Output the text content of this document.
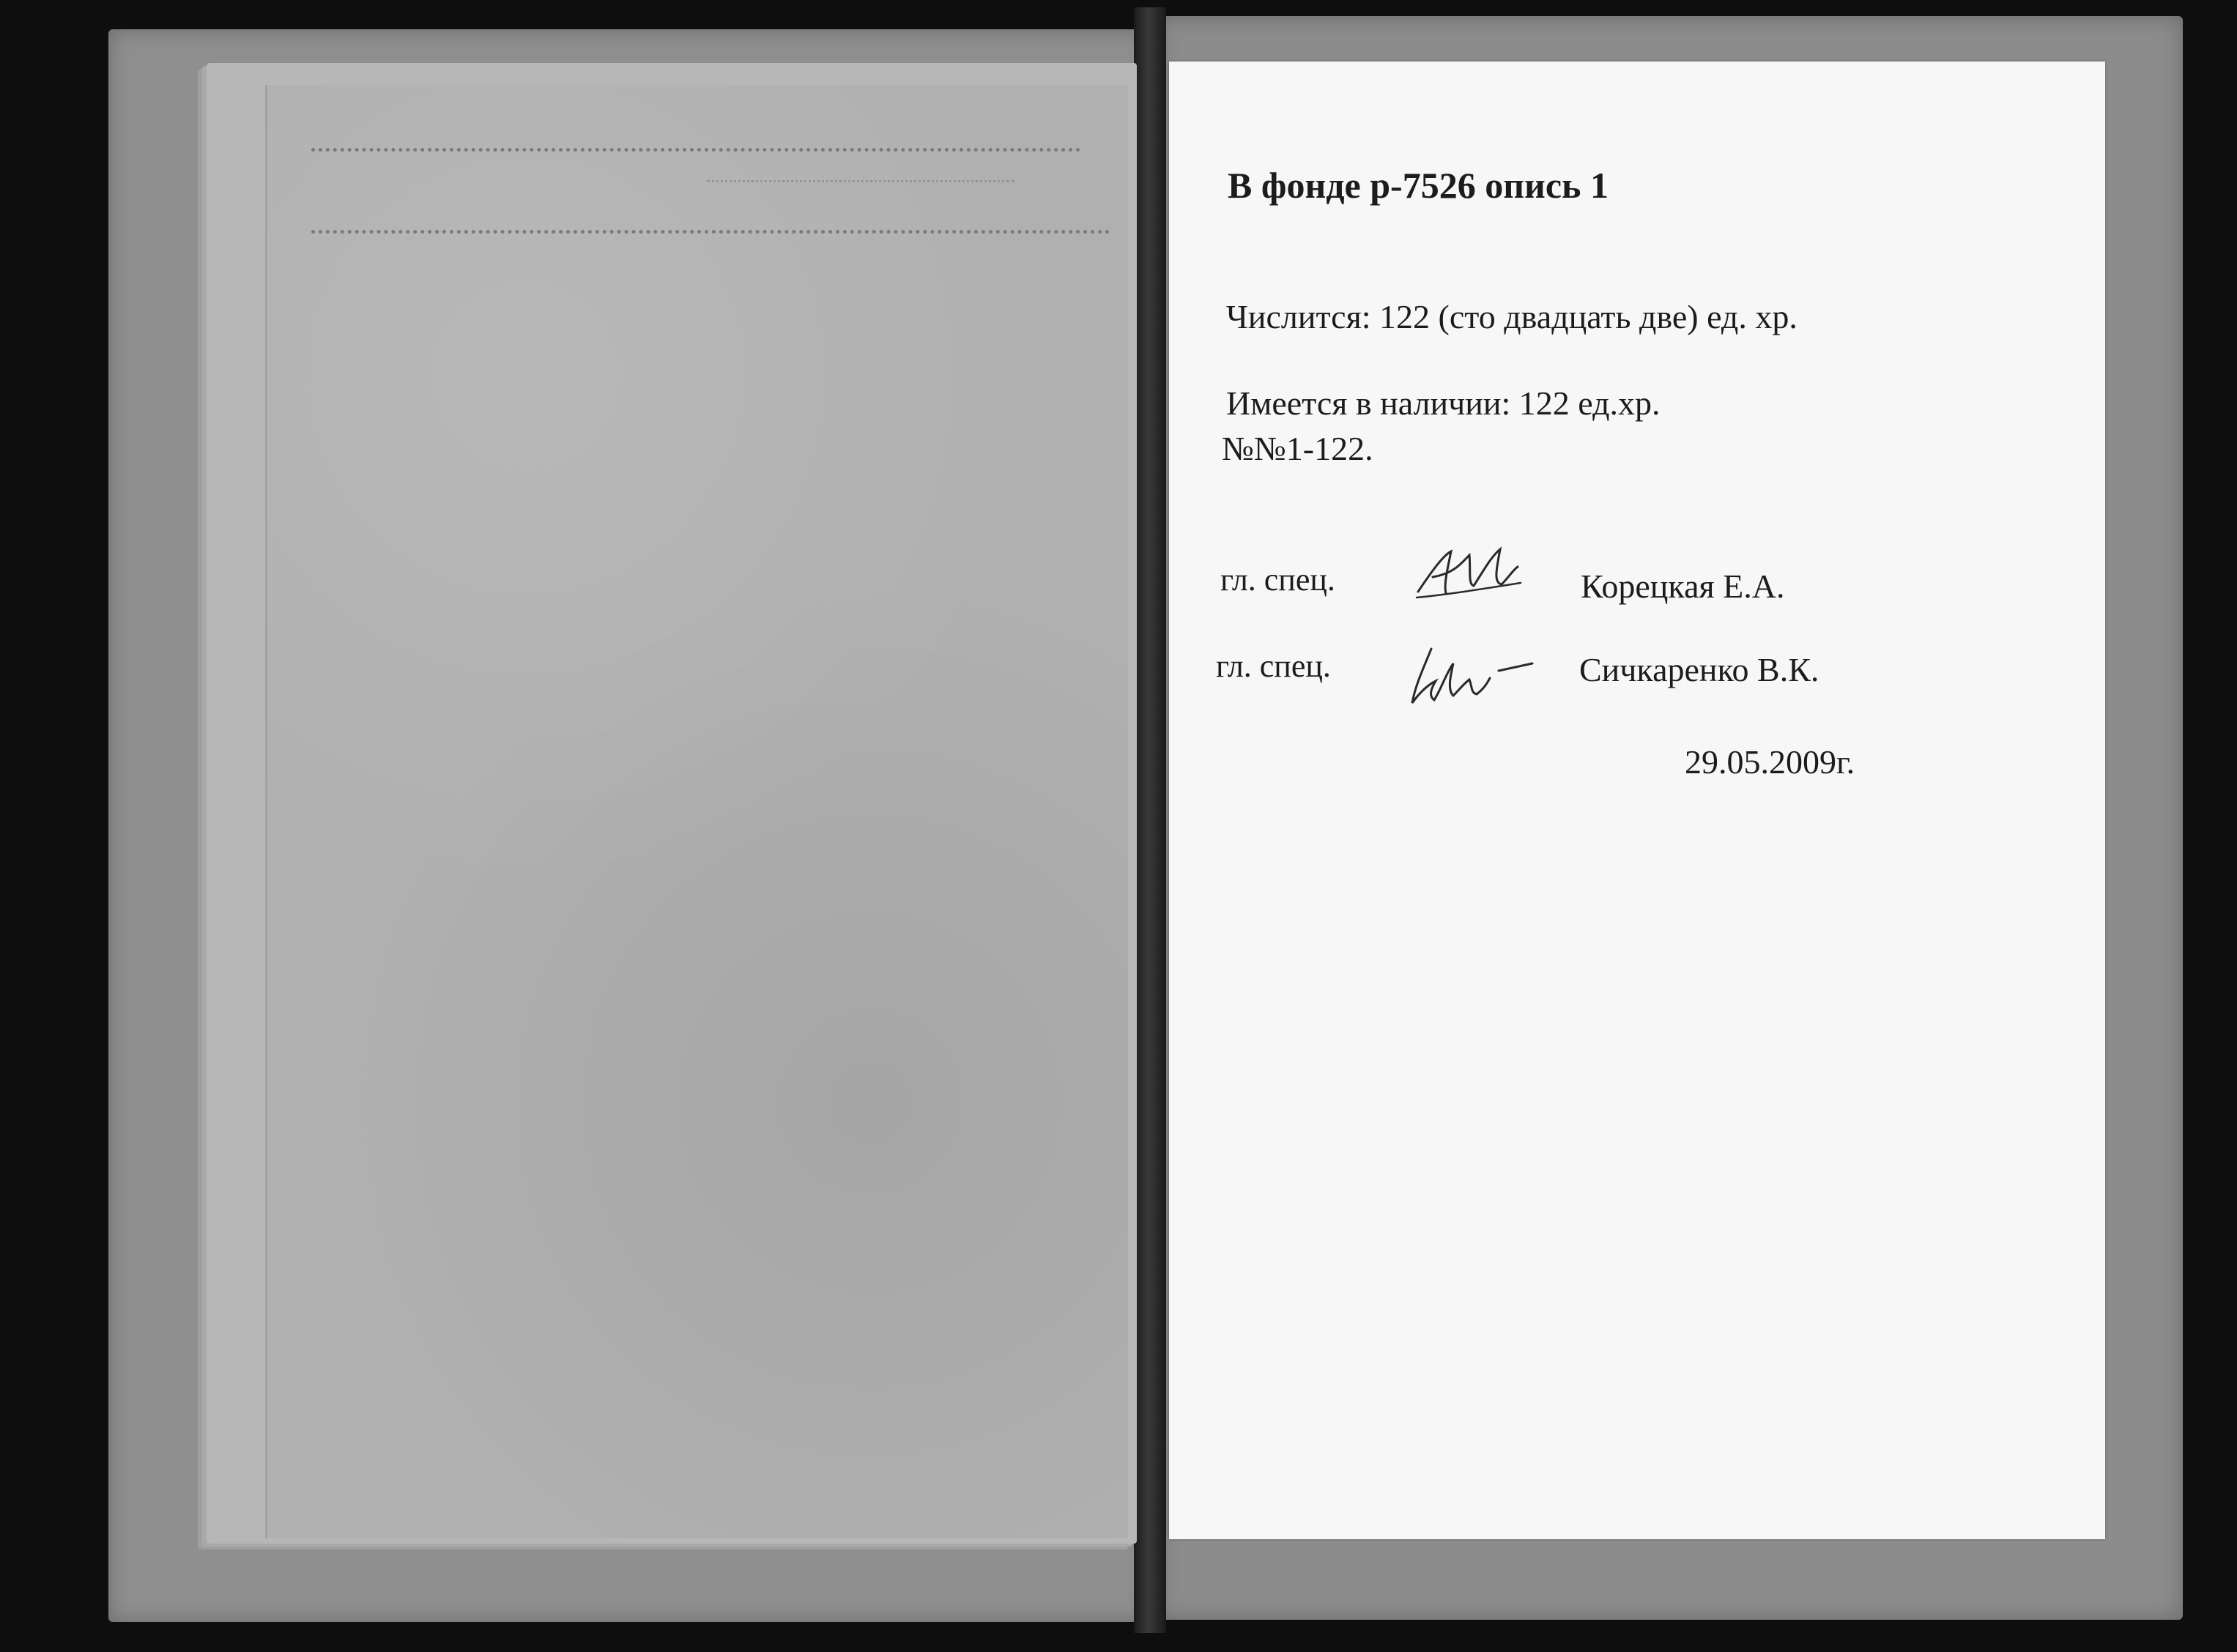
В фонде р-7526 опись 1
Числится: 122 (сто двадцать две) ед. хр.
Имеется в наличии: 122 ед.хр.
№№1-122.
гл. спец.	Корецкая Е.А.
гл. спец.	Сичкаренко В.К.
29.05.2009г.
